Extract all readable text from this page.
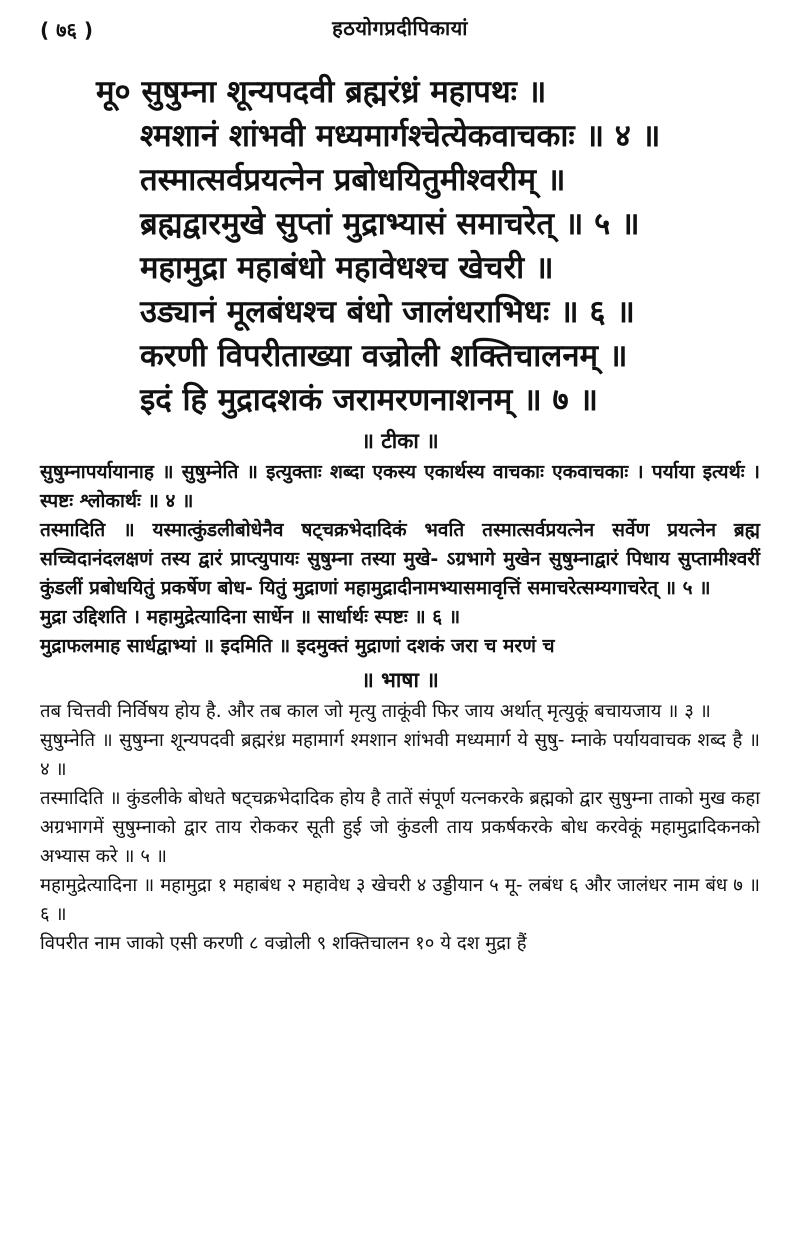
( ७६ )	हठयोगप्रदीपिकायां
मू० सुषुम्ना शून्यपदवी ब्रह्मरंध्रं महापथः ॥
श्मशानं शांभवी मध्यमार्गश्चेत्येकवाचकाः ॥ ४ ॥
तस्मात्सर्वप्रयत्नेन प्रबोधयितुमीश्वरीम् ॥
ब्रह्मद्वारमुखे सुप्तां मुद्राभ्यासं समाचरेत् ॥ ५ ॥
महामुद्रा महाबंधो महावेधश्च खेचरी ॥
उड्यानं मूलबंधश्च बंधो जालंधराभिधः ॥ ६ ॥
करणी विपरीताख्या वज्रोली शक्तिचालनम् ॥
इदं हि मुद्रादशकं जरामरणनाशनम् ॥ ७ ॥
॥ टीका ॥

सुषुम्नापर्यायानाह ॥ सुषुम्नेति ॥ इत्युक्ताः शब्दा एकस्य एकार्थस्य वाचकाः एकवाचकाः । पर्याया इत्यर्थः । स्पष्टः श्लोकार्थः ॥ ४ ॥

तस्मादिति ॥ यस्मात्कुंडलीबोधेनैव षट्चक्रभेदादिकं भवति तस्मात्सर्वप्रयत्नेन सर्वेण प्रयत्नेन ब्रह्म सच्चिदानंदलक्षणं तस्य द्वारं प्राप्त्युपायः सुषुम्ना तस्या मुखे- ऽग्रभागे मुखेन सुषुम्नाद्वारं पिधाय सुप्तामीश्वरीं कुंडलीं प्रबोधयितुं प्रकर्षेण बोध- यितुं मुद्राणां महामुद्रादीनामभ्यासमावृत्तिं समाचरेत्सम्यगाचरेत् ॥ ५ ॥

मुद्रा उद्दिशति । महामुद्रेत्यादिना सार्धेन ॥ सार्धार्थः स्पष्टः ॥ ६ ॥

मुद्राफलमाह सार्धद्वाभ्यां ॥ इदमिति ॥ इदमुक्तं मुद्राणां दशकं जरा च मरणं च

॥ भाषा ॥

तब चित्तवी निर्विषय होय है. और तब काल जो मृत्यु ताकूंवी फिर जाय अर्थात् मृत्युकूं बचायजाय ॥ ३ ॥

सुषुम्नेति ॥ सुषुम्ना शून्यपदवी ब्रह्मरंध्र महामार्ग श्मशान शांभवी मध्यमार्ग ये सुषु- म्नाके पर्यायवाचक शब्द है ॥ ४ ॥

तस्मादिति ॥ कुंडलीके बोधते षट्चक्रभेदादिक होय है तातें संपूर्ण यत्नकरके ब्रह्मको द्वार सुषुम्ना ताको मुख कहा अग्रभागमें सुषुम्नाको द्वार ताय रोककर सूती हुई जो कुंडली ताय प्रकर्षकरके बोध करवेकूं महामुद्रादिकनको अभ्यास करे ॥ ५ ॥

महामुद्रेत्यादिना ॥ महामुद्रा १ महाबंध २ महावेध ३ खेचरी ४ उड्डीयान ५ मू- लबंध ६ और जालंधर नाम बंध ७ ॥ ६ ॥

विपरीत नाम जाको एसी करणी ८ वज्रोली ९ शक्तिचालन १० ये दश मुद्रा हैं
